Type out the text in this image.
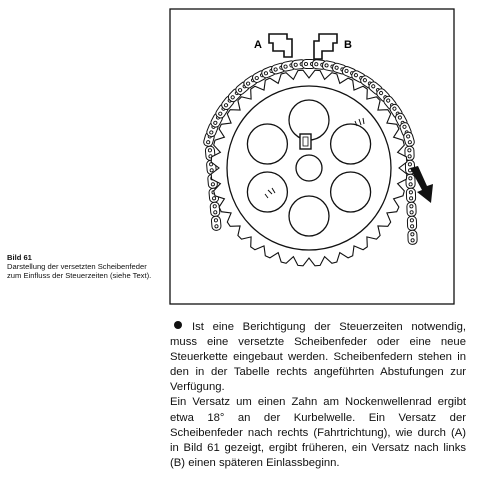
Bild 61
Darstellung der versetzten Scheibenfeder zum Einfluss der Steuerzeiten (siehe Text).
A	B

Ist eine Berichtigung der Steuerzeiten notwendig, muss eine versetzte Scheibenfeder oder eine neue Steuerkette eingebaut werden. Scheibenfedern stehen in den in der Tabelle rechts angeführten Abstufungen zur Verfügung.

Ein Versatz um einen Zahn am Nockenwellenrad ergibt etwa 18° an der Kurbelwelle. Ein Versatz der Scheibenfeder nach rechts (Fahrtrichtung), wie durch (A) in Bild 61 gezeigt, ergibt früheren, ein Versatz nach links (B) einen späteren Einlassbeginn.
